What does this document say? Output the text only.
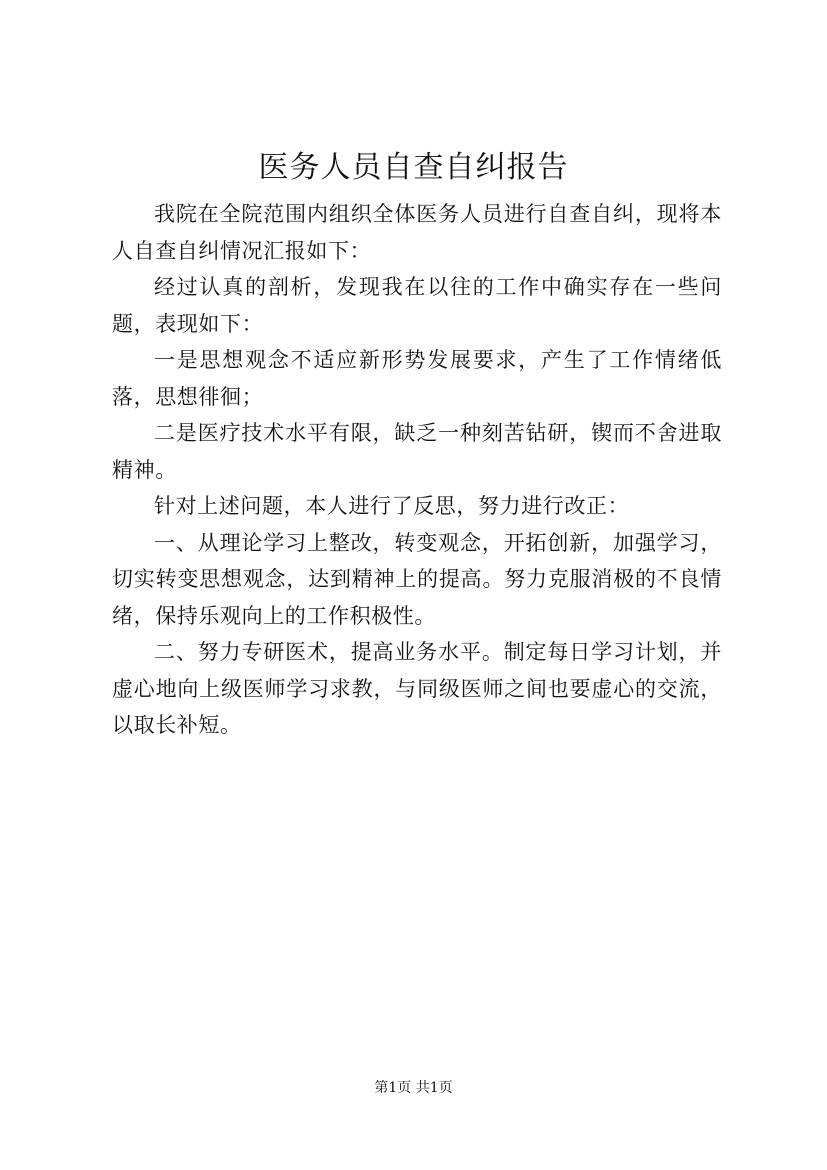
医务人员自查自纠报告

我院在全院范围内组织全体医务人员进行自查自纠，现将本人自查自纠情况汇报如下：

经过认真的剖析，发现我在以往的工作中确实存在一些问题，表现如下：

一是思想观念不适应新形势发展要求，产生了工作情绪低落，思想徘徊；

二是医疗技术水平有限，缺乏一种刻苦钻研，锲而不舍进取精神。

针对上述问题，本人进行了反思，努力进行改正：

一、从理论学习上整改，转变观念，开拓创新，加强学习，切实转变思想观念，达到精神上的提高。努力克服消极的不良情绪，保持乐观向上的工作积极性。

二、努力专研医术，提高业务水平。制定每日学习计划，并虚心地向上级医师学习求教，与同级医师之间也要虚心的交流，以取长补短。

第1页 共1页
